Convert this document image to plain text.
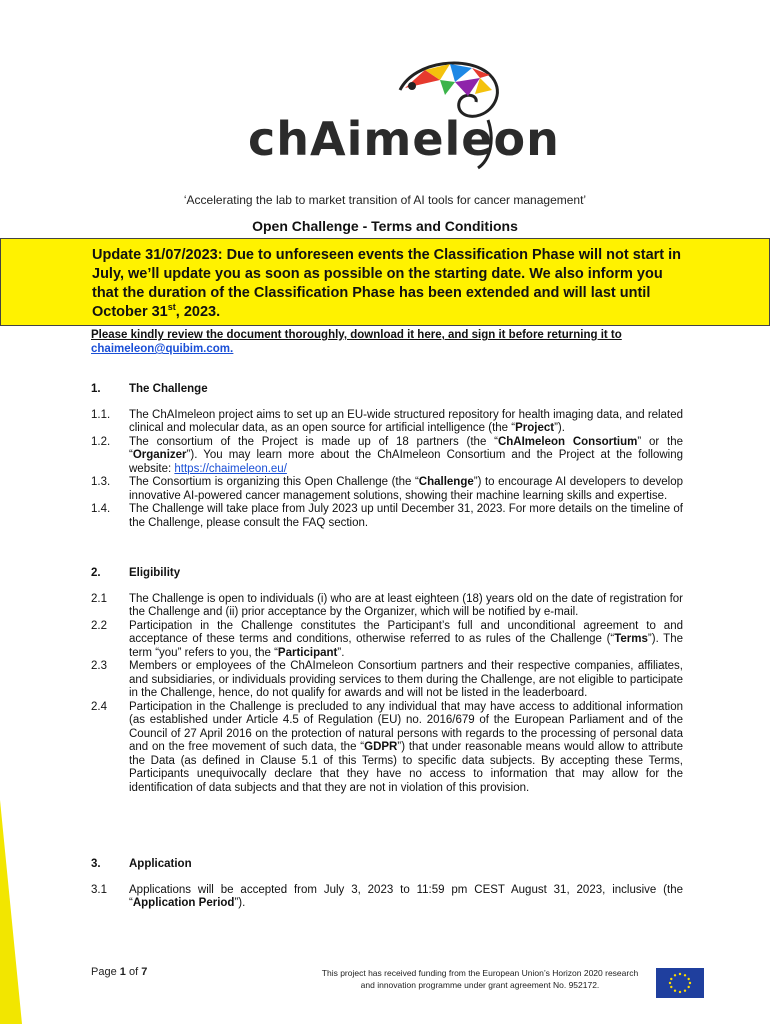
chAimeleon
‘Accelerating the lab to market transition of AI tools for cancer management’
Open Challenge - Terms and Conditions

Update 31/07/2023: Due to unforeseen events the Classification Phase will not start in July, we’ll update you as soon as possible on the starting date. We also inform you that the duration of the Classification Phase has been extended and will last until October 31st, 2023.

Please kindly review the document thoroughly, download it here, and sign it before returning it to chaimeleon@quibim.com.
1. The Challenge
1.1.	The ChAImeleon project aims to set up an EU-wide structured repository for health imaging data, and related clinical and molecular data, as an open source for artificial intelligence (the “Project”).
1.2.	The consortium of the Project is made up of 18 partners (the “ChAImeleon Consortium” or the “Organizer”). You may learn more about the ChAImeleon Consortium and the Project at the following website: https://chaimeleon.eu/
1.3.	The Consortium is organizing this Open Challenge (the “Challenge”) to encourage AI developers to develop innovative AI-powered cancer management solutions, showing their machine learning skills and expertise.
1.4.	The Challenge will take place from July 2023 up until December 31, 2023. For more details on the timeline of the Challenge, please consult the FAQ section.
2. Eligibility
2.1	The Challenge is open to individuals (i) who are at least eighteen (18) years old on the date of registration for the Challenge and (ii) prior acceptance by the Organizer, which will be notified by e-mail.
2.2	Participation in the Challenge constitutes the Participant’s full and unconditional agreement to and acceptance of these terms and conditions, otherwise referred to as rules of the Challenge (“Terms”). The term “you” refers to you, the “Participant”.
2.3	Members or employees of the ChAImeleon Consortium partners and their respective companies, affiliates, and subsidiaries, or individuals providing services to them during the Challenge, are not eligible to participate in the Challenge, hence, do not qualify for awards and will not be listed in the leaderboard.
2.4	Participation in the Challenge is precluded to any individual that may have access to additional information (as established under Article 4.5 of Regulation (EU) no. 2016/679 of the European Parliament and of the Council of 27 April 2016 on the protection of natural persons with regards to the processing of personal data and on the free movement of such data, the “GDPR”) that under reasonable means would allow to attribute the Data (as defined in Clause 5.1 of this Terms) to specific data subjects. By accepting these Terms, Participants unequivocally declare that they have no access to information that may allow for the identification of data subjects and that they are not in violation of this provision.
3. Application
3.1	Applications will be accepted from July 3, 2023 to 11:59 pm CEST August 31, 2023, inclusive (the “Application Period”).
Page 1 of 7	This project has received funding from the European Union’s Horizon 2020 research and innovation programme under grant agreement No. 952172.
